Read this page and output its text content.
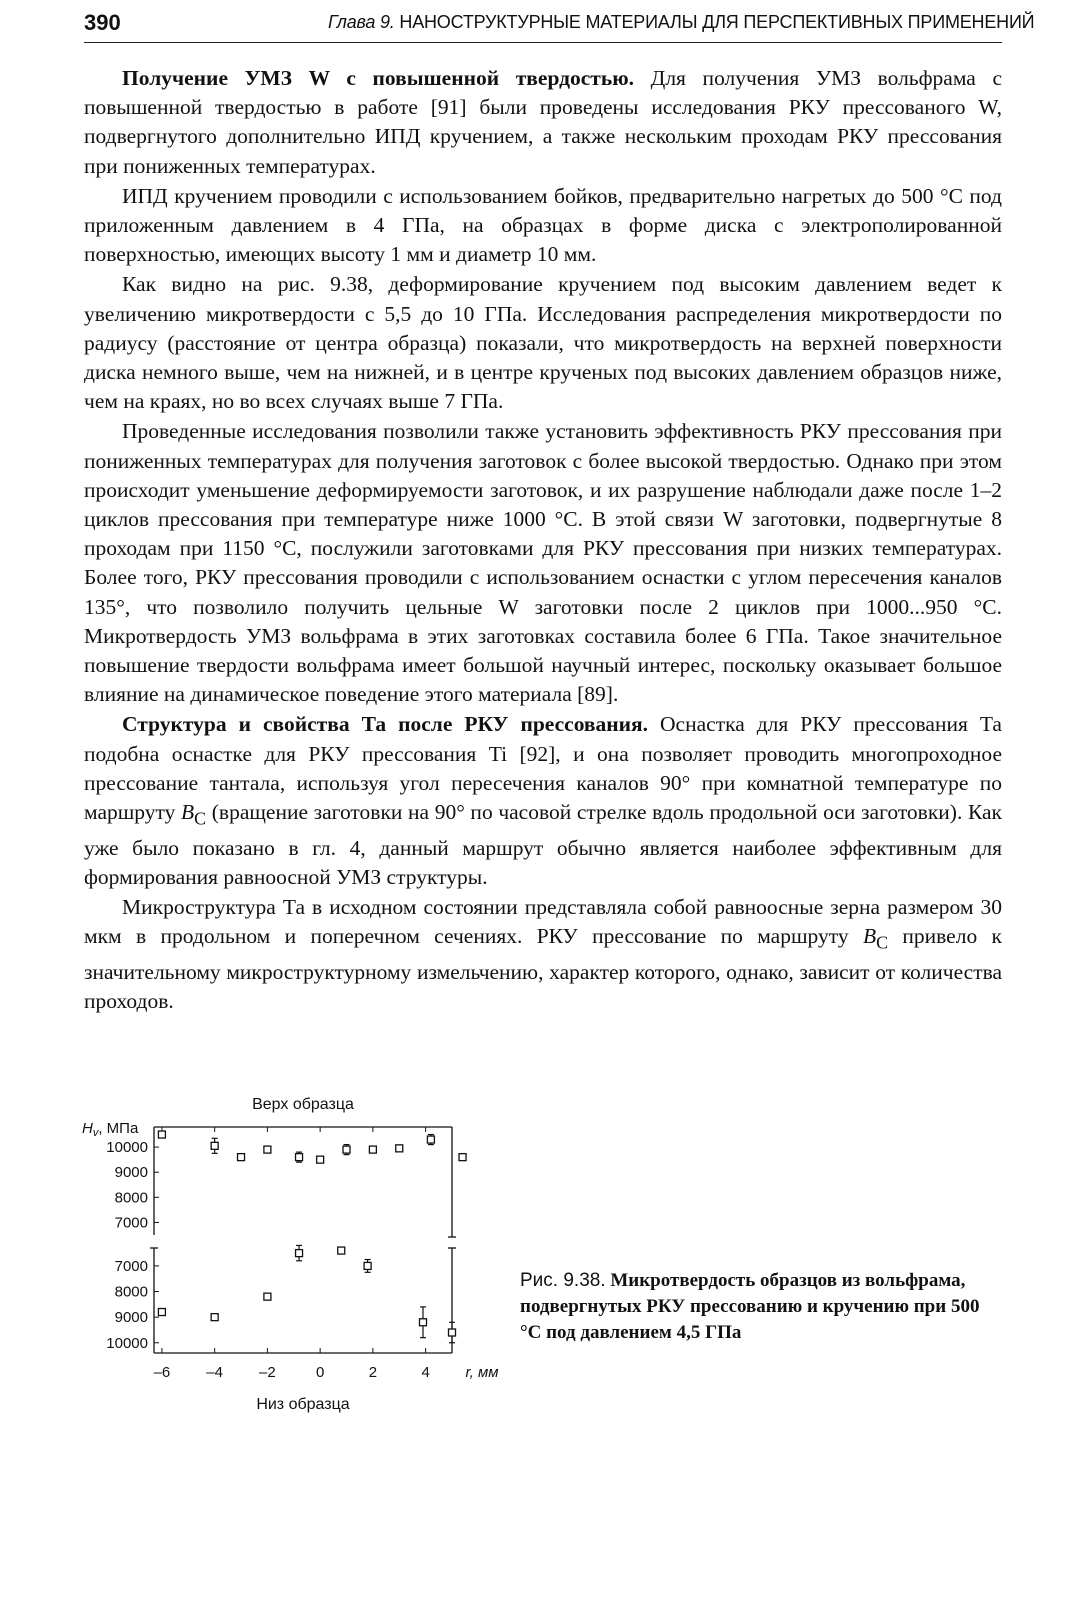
390	Глава 9. НАНОСТРУКТУРНЫЕ МАТЕРИАЛЫ ДЛЯ ПЕРСПЕКТИВНЫХ ПРИМЕНЕНИЙ

Получение УМЗ W с повышенной твердостью. Для получения УМЗ вольфрама с повышенной твердостью в работе [91] были проведены исследования РКУ прессованого W, подвергнутого дополнительно ИПД кручением, а также нескольким проходам РКУ прессования при пониженных температурах.

ИПД кручением проводили с использованием бойков, предварительно нагретых до 500 °С под приложенным давлением в 4 ГПа, на образцах в форме диска с электрополированной поверхностью, имеющих высоту 1 мм и диаметр 10 мм.

Как видно на рис. 9.38, деформирование кручением под высоким давлением ведет к увеличению микротвердости с 5,5 до 10 ГПа. Исследования распределения микротвердости по радиусу (расстояние от центра образца) показали, что микротвердость на верхней поверхности диска немного выше, чем на нижней, и в центре крученых под высоких давлением образцов ниже, чем на краях, но во всех случаях выше 7 ГПа.

Проведенные исследования позволили также установить эффективность РКУ прессования при пониженных температурах для получения заготовок с более высокой твердостью. Однако при этом происходит уменьшение деформируемости заготовок, и их разрушение наблюдали даже после 1–2 циклов прессования при температуре ниже 1000 °С. В этой связи W заготовки, подвергнутые 8 проходам при 1150 °С, послужили заготовками для РКУ прессования при низких температурах. Более того, РКУ прессования проводили с использованием оснастки с углом пересечения каналов 135°, что позволило получить цельные W заготовки после 2 циклов при 1000...950 °С. Микротвердость УМЗ вольфрама в этих заготовках составила более 6 ГПа. Такое значительное повышение твердости вольфрама имеет большой научный интерес, поскольку оказывает большое влияние на динамическое поведение этого материала [89].

Структура и свойства Та после РКУ прессования. Оснастка для РКУ прессования Та подобна оснастке для РКУ прессования Ti [92], и она позволяет проводить многопроходное прессование тантала, используя угол пересечения каналов 90° при комнатной температуре по маршруту $B_C$ (вращение заготовки на 90° по часовой стрелке вдоль продольной оси заготовки). Как уже было показано в гл. 4, данный маршрут обычно является наиболее эффективным для формирования равноосной УМЗ структуры.

Микроструктура Та в исходном состоянии представляла собой равноосные зерна размером 30 мкм в продольном и поперечном сечениях. РКУ прессование по маршруту $B_C$ привело к значительному микроструктурному измельчению, характер которого, однако, зависит от количества проходов.

Верх образца
$H_v$, МПа
10000
9000
8000
7000
7000
8000
9000
10000
–6 –4 –2	0	2	4 r, мм
Низ образца
Рис. 9.38. Микротвердость образцов из вольфрама, подвергнутых РКУ прессованию и кручению при 500 °С под давлением 4,5 ГПа
